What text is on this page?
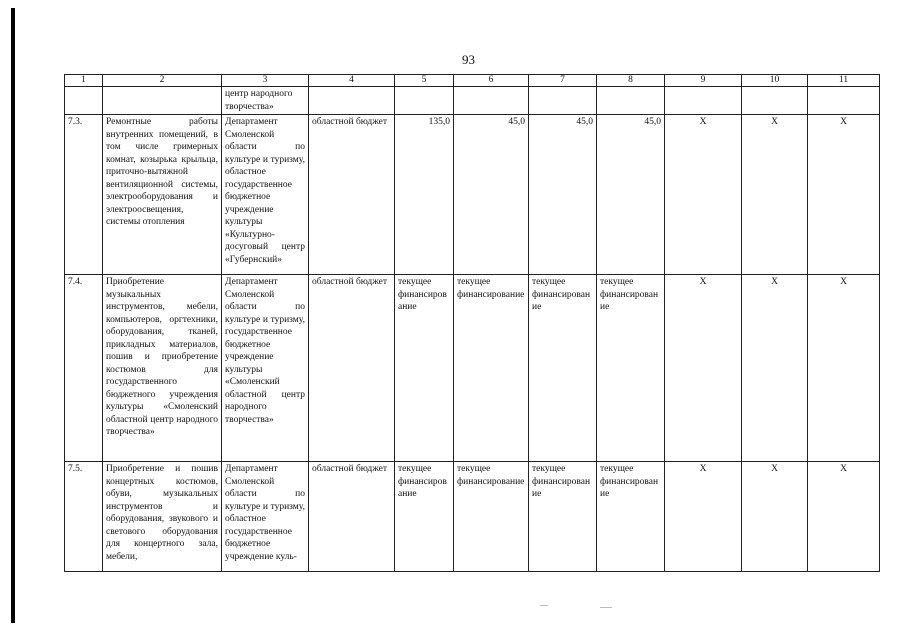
93
1	2	3	4	5	6	7	8	9	10	11
		центр народного творчества»								
7.3.	Ремонтные работы внутренних помещений, в том числе гримерных комнат, козырька крыльца, приточно-вытяжной вентиляционной системы, электрооборудования и электроосвещения, системы отопления	Департамент Смоленской области по культуре и туризму, областное государственное бюджетное учреждение культуры «Культурно-досуговый центр «Губернский»	областной бюджет	135,0	45,0	45,0	45,0	X	X	X
7.4.	Приобретение музыкальных инструментов, мебели, компьютеров, оргтехники, оборудования, тканей, прикладных материалов, пошив и приобретение костюмов для государственного бюджетного учреждения культуры «Смоленский областной центр народного творчества»	Департамент Смоленской области по культуре и туризму, государственное бюджетное учреждение культуры «Смоленский областной центр народного творчества»	областной бюджет	текущее финансирование	текущее финансирование	текущее финансирование	текущее финансирование	X	X	X
7.5.	Приобретение и пошив концертных костюмов, обуви, музыкальных инструментов и оборудования, звукового и светового оборудования для концертного зала, мебели,	Департамент Смоленской области по культуре и туризму, областное государственное бюджетное учреждение куль-	областной бюджет	текущее финансирование	текущее финансирование	текущее финансирование	текущее финансирование	X	X	X
